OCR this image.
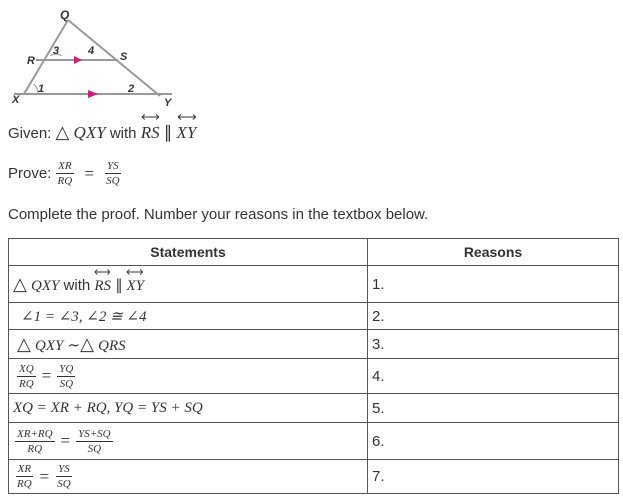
Q
R	S
X	Y
1	2
3	4
Given: △ QXY with
RS ∥
XY
Prove: $\frac{XR}{RQ} = \frac{YS}{SQ}$
Complete the proof. Number your reasons in the textbox below.
Statements	Reasons
△ QXY with
RS ∥
XY	1.
∠1 = ∠3, ∠2 ≅ ∠4	2.
△ QXY ∼△ QRS	3.

$\frac{XQ}{RQ} = \frac{YQ}{SQ}$	4.
XQ = XR + RQ, YQ = YS + SQ	5.

$\frac{XR+RQ}{RQ} = \frac{YS+SQ}{SQ}$	6.

$\frac{XR}{RQ} = \frac{YS}{SQ}$	7.
